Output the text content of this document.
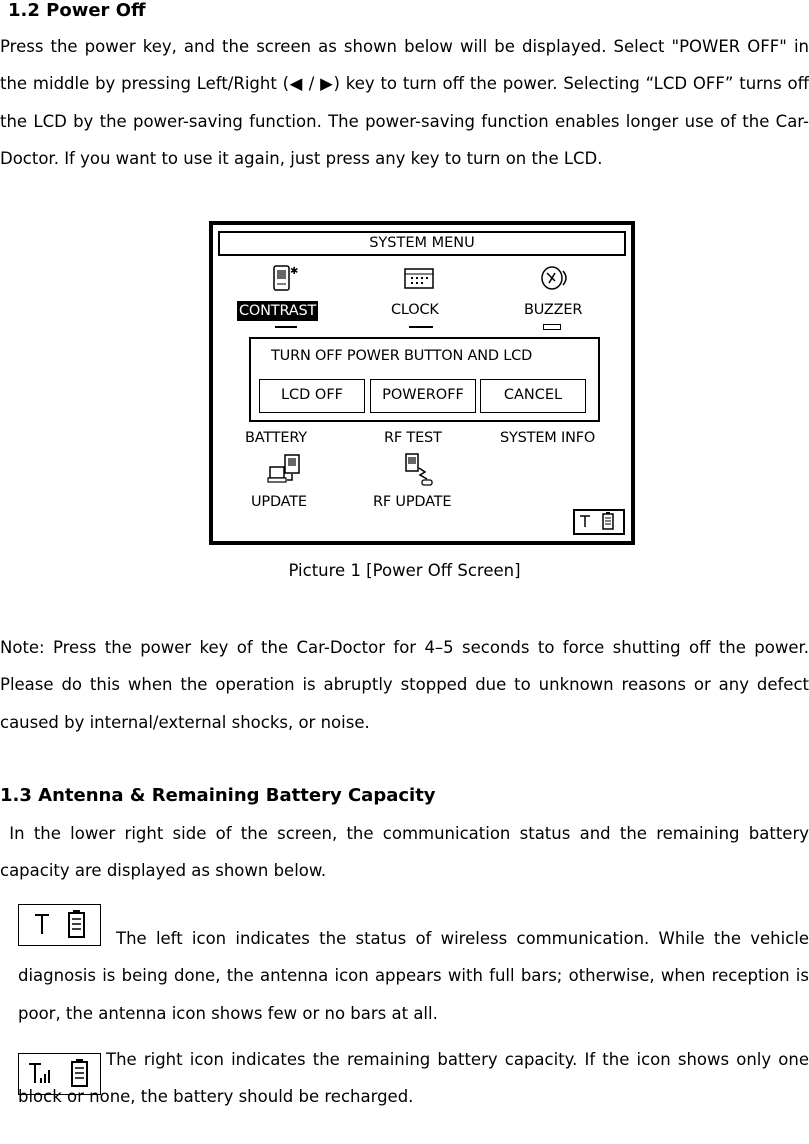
1.2 Power Off

Press the power key, and the screen as shown below will be displayed. Select "POWER OFF" in the middle by pressing Left/Right (◀ / ▶) key to turn off the power. Selecting “LCD OFF” turns off the LCD by the power-saving function. The power-saving function enables longer use of the Car-Doctor. If you want to use it again, just press any key to turn on the LCD.

SYSTEM MENU
✱
CONTRAST	CLOCK	BUZZER
TURN OFF POWER BUTTON AND LCD
LCD OFF	POWEROFF	CANCEL
BATTERY	RF TEST	SYSTEM INFO
UPDATE	RF UPDATE
Picture 1 [Power Off Screen]

Note: Press the power key of the Car-Doctor for 4–5 seconds to force shutting off the power. Please do this when the operation is abruptly stopped due to unknown reasons or any defect caused by internal/external shocks, or noise.

1.3 Antenna & Remaining Battery Capacity

In the lower right side of the screen, the communication status and the remaining battery capacity are displayed as shown below.

The left icon indicates the status of wireless communication. While the vehicle diagnosis is being done, the antenna icon appears with full bars; otherwise, when reception is poor, the antenna icon shows few or no bars at all.

The right icon indicates the remaining battery capacity. If the icon shows only one block or none, the battery should be recharged.
